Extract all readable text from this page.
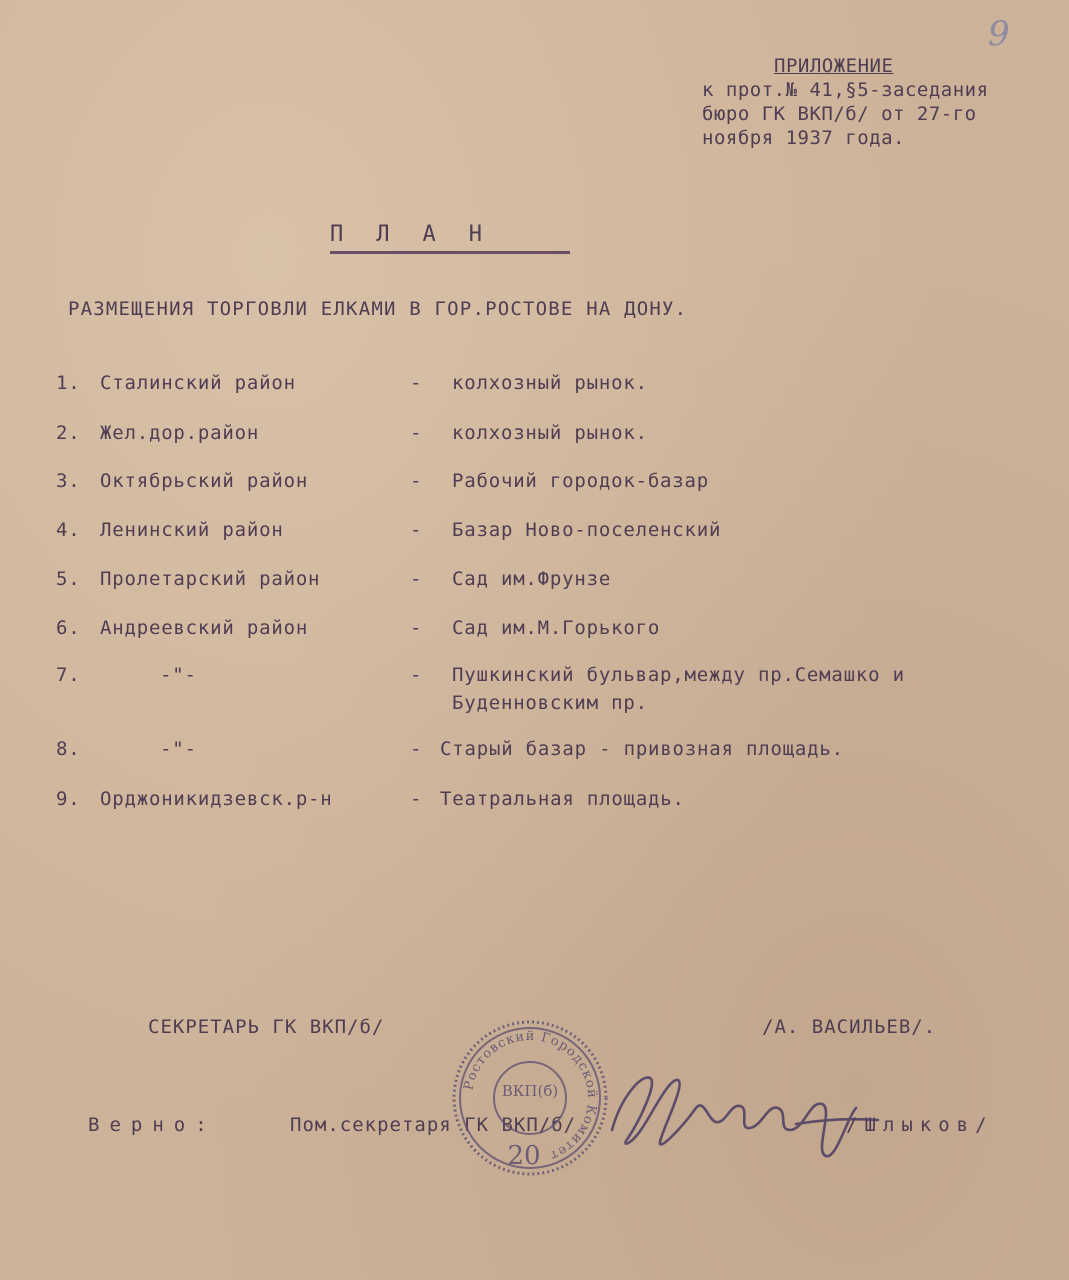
9
ПРИЛОЖЕНИЕ
к прот.№ 41,§5-заседания
бюро ГК ВКП/б/ от 27-го
ноября 1937 года.
ПЛАН
РАЗМЕЩЕНИЯ ТОРГОВЛИ ЕЛКАМИ В ГОР.РОСТОВЕ НА ДОНУ.
1. Сталинский район	- колхозный рынок.
2. Жел.дор.район	- колхозный рынок.
3. Октябрьский район	- Рабочий городок-базар
4. Ленинский район	- Базар Ново-поселенский
5. Пролетарский район	- Сад им.Фрунзе
6. Андреевский район	- Сад им.М.Горького
7.	-"-	- Пушкинский бульвар,между пр.Семашко и
Буденновским пр.
8.	-"-	- Старый базар - привозная площадь.
9. Орджоникидзевск.р-н	- Театральная площадь.
СЕКРЕТАРЬ ГК ВКП/б/	/А. ВАСИЛЬЕВ/.
Верно:	Пом.секретаря ГК ВКП/б/	/Шлыков/
Ростовский Городской Комитет
ВКП(б)
20
